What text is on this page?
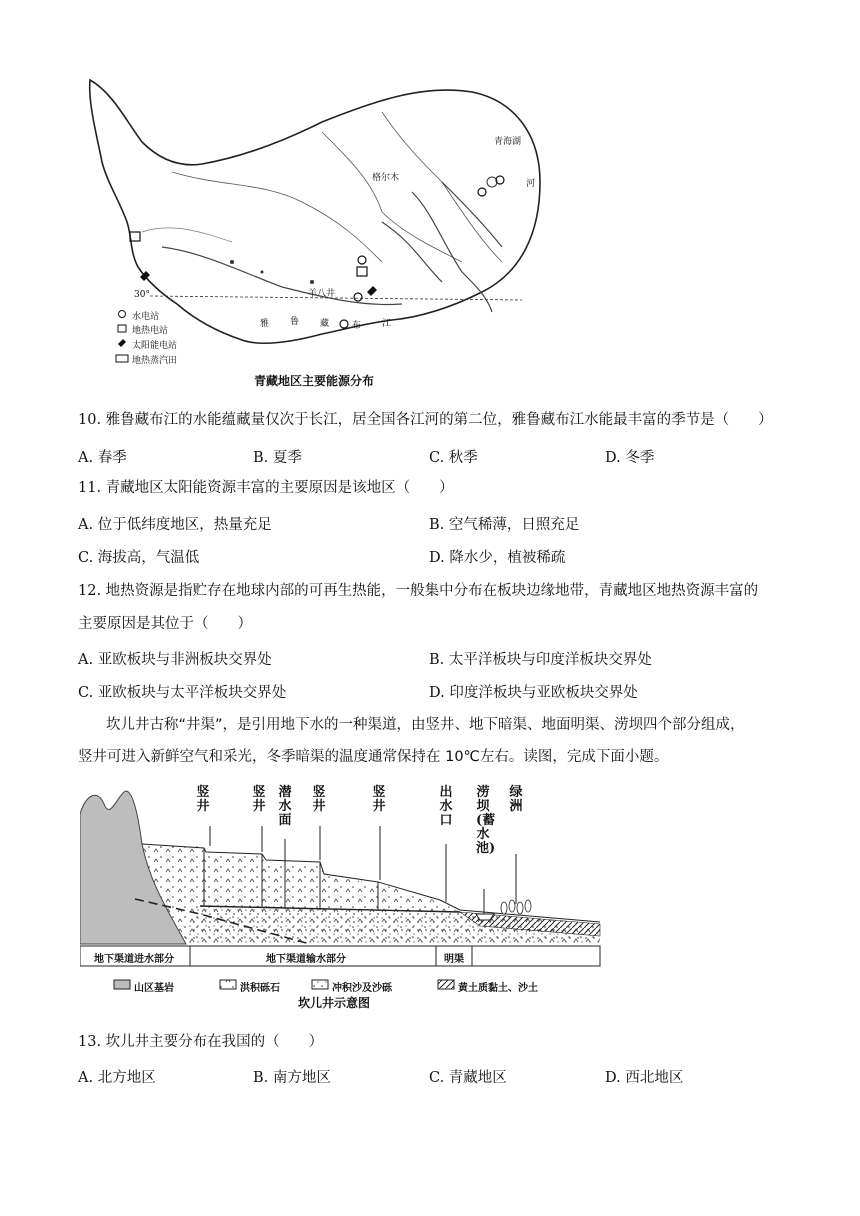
格尔木
青海湖
河
30°	羊八井
雅 鲁 藏	布 江
水电站
地热电站
太阳能电站
地热蒸汽田
青藏地区主要能源分布
10. 雅鲁藏布江的水能蕴藏量仅次于长江，居全国各江河的第二位，雅鲁藏布江水能最丰富的季节是（　　）
A. 春季	B. 夏季	C. 秋季	D. 冬季
11. 青藏地区太阳能资源丰富的主要原因是该地区（　　）
A. 位于低纬度地区，热量充足	B. 空气稀薄，日照充足
C. 海拔高，气温低	D. 降水少，植被稀疏
12. 地热资源是指贮存在地球内部的可再生热能，一般集中分布在板块边缘地带，青藏地区地热资源丰富的
主要原因是其位于（　　）
A. 亚欧板块与非洲板块交界处	B. 太平洋板块与印度洋板块交界处
C. 亚欧板块与太平洋板块交界处	D. 印度洋板块与亚欧板块交界处
坎儿井古称“井渠”，是引用地下水的一种渠道，由竖井、地下暗渠、地面明渠、涝坝四个部分组成，
竖井可进入新鲜空气和采光，冬季暗渠的温度通常保持在 10℃左右。读图，完成下面小题。
竖井
竖井
潜水面
竖井
竖井
出水口
涝坝(蓄水池)
绿洲
地下渠道进水部分	地下渠道输水部分	明渠
山区基岩	洪积砾石	冲积沙及沙砾	黄土质黏土、沙土
坎儿井示意图
13. 坎儿井主要分布在我国的（　　）
A. 北方地区	B. 南方地区	C. 青藏地区	D. 西北地区
